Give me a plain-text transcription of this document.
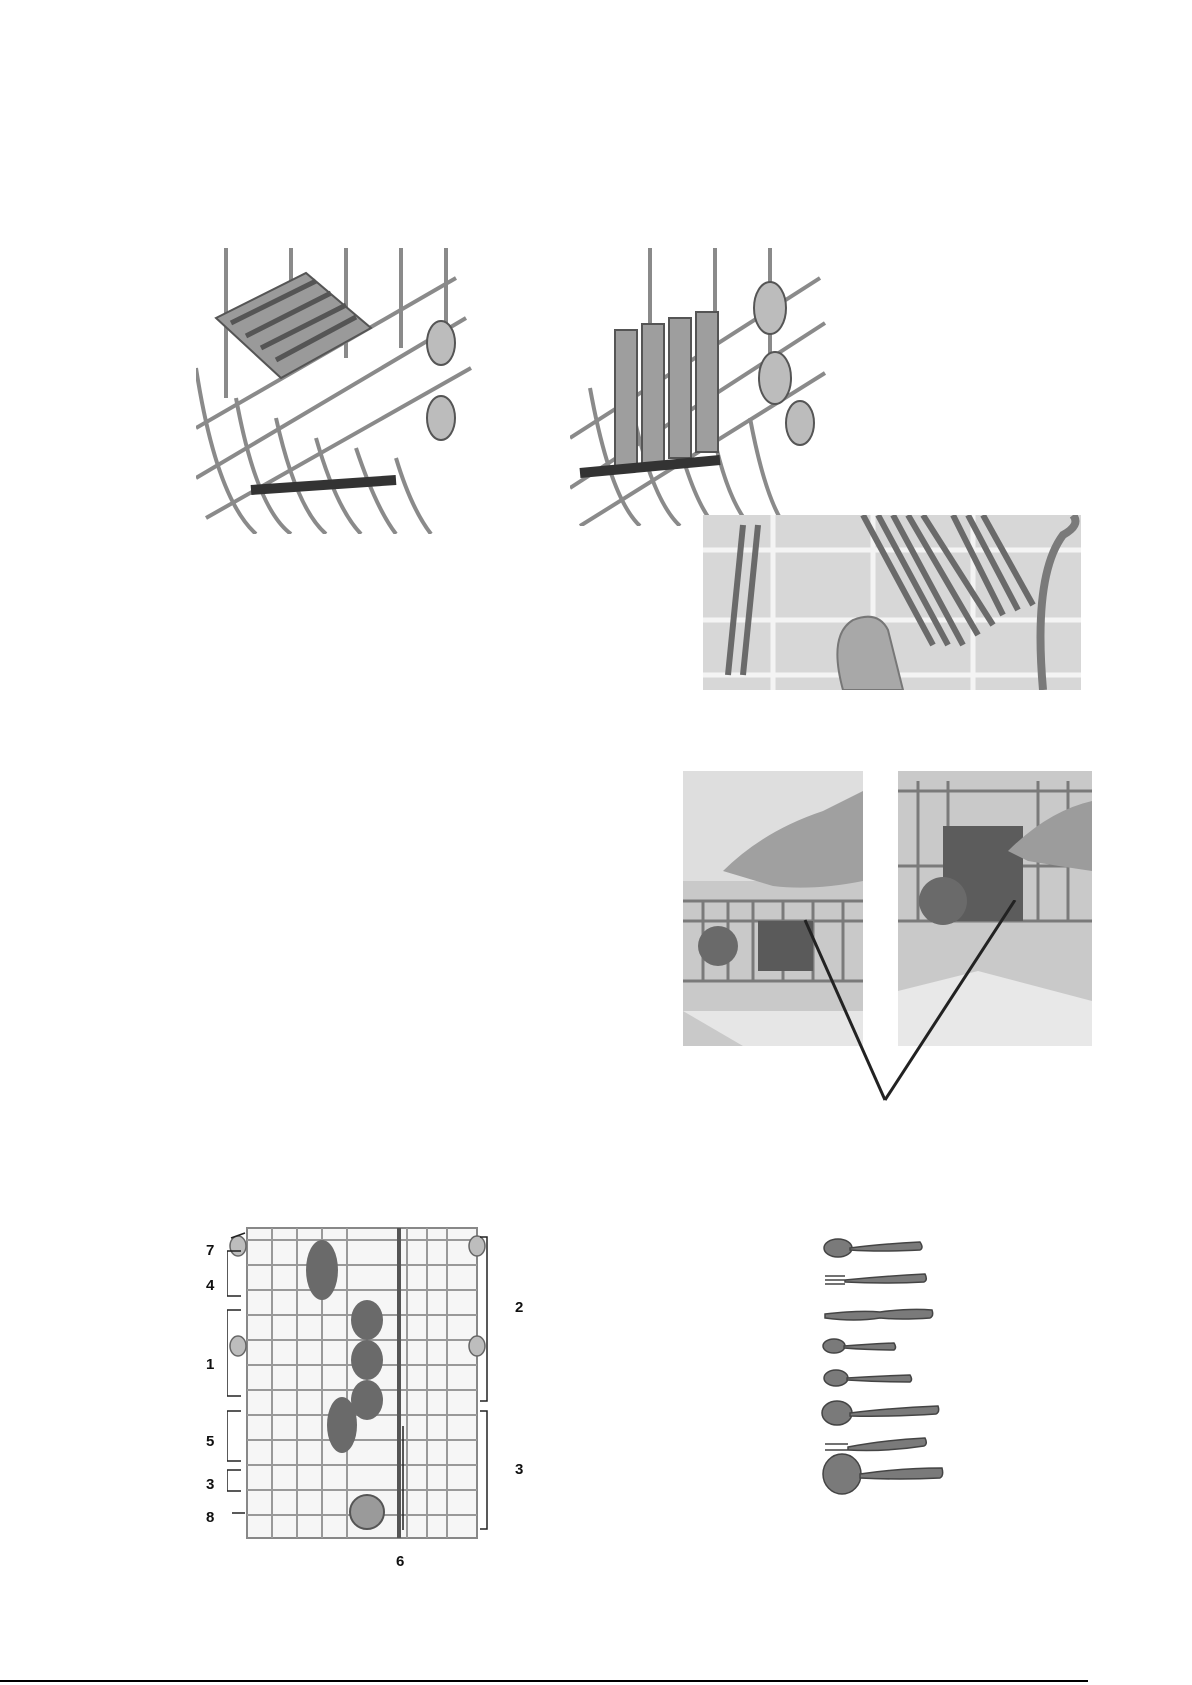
7
4
1
5
3
8
2
3
6
